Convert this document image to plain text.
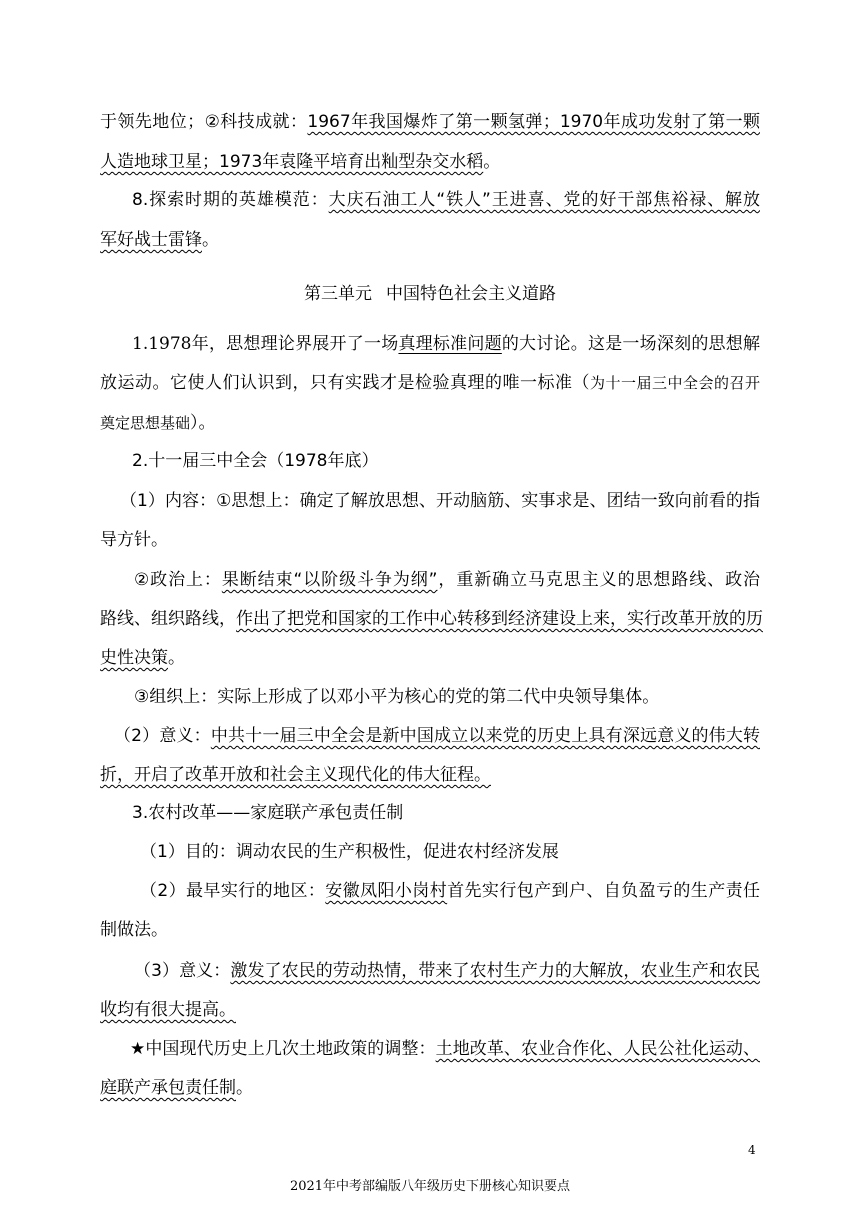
于领先地位；②科技成就：1967年我国爆炸了第一颗氢弹；1970年成功发射了第一颗
人造地球卫星；1973年袁隆平培育出籼型杂交水稻。
8.探索时期的英雄模范：大庆石油工人“铁人”王进喜、党的好干部焦裕禄、解放
军好战士雷锋。
第三单元 中国特色社会主义道路
1.1978年，思想理论界展开了一场真理标准问题的大讨论。这是一场深刻的思想解
放运动。它使人们认识到，只有实践才是检验真理的唯一标准（为十一届三中全会的召开
奠定思想基础）。
2.十一届三中全会（1978年底）
（1）内容：①思想上：确定了解放思想、开动脑筋、实事求是、团结一致向前看的指
导方针。
②政治上：果断结束“以阶级斗争为纲”，重新确立马克思主义的思想路线、政治
路线、组织路线，作出了把党和国家的工作中心转移到经济建设上来，实行改革开放的历
史性决策。
③组织上：实际上形成了以邓小平为核心的党的第二代中央领导集体。
（2）意义：中共十一届三中全会是新中国成立以来党的历史上具有深远意义的伟大转
折，开启了改革开放和社会主义现代化的伟大征程。
3.农村改革——家庭联产承包责任制
（1）目的：调动农民的生产积极性，促进农村经济发展
（2）最早实行的地区：安徽凤阳小岗村首先实行包产到户、自负盈亏的生产责任
制做法。
（3）意义：激发了农民的劳动热情，带来了农村生产力的大解放，农业生产和农民
收均有很大提高。
★中国现代历史上几次土地政策的调整：土地改革、农业合作化、人民公社化运动、
庭联产承包责任制。
4
2021年中考部编版八年级历史下册核心知识要点
